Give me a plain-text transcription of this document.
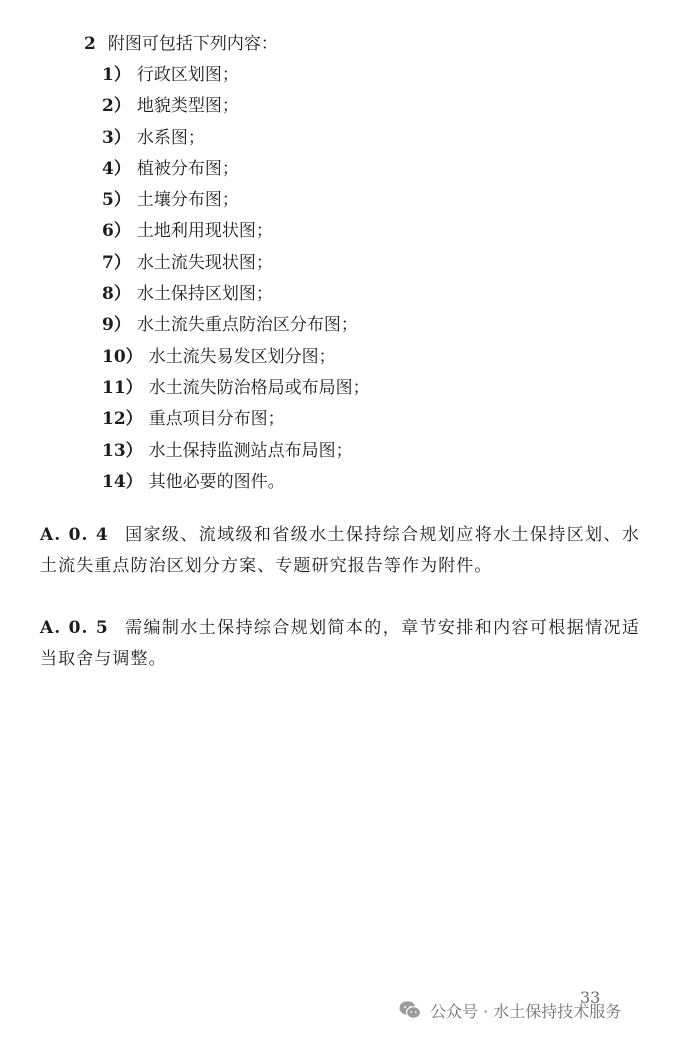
2 附图可包括下列内容：
1） 行政区划图；
2） 地貌类型图；
3） 水系图；
4） 植被分布图；
5） 土壤分布图；
6） 土地利用现状图；
7） 水土流失现状图；
8） 水土保持区划图；
9） 水土流失重点防治区分布图；
10） 水土流失易发区划分图；
11） 水土流失防治格局或布局图；
12） 重点项目分布图；
13） 水土保持监测站点布局图；
14） 其他必要的图件。

A. 0. 4 国家级、流域级和省级水土保持综合规划应将水土保持区划、水土流失重点防治区划分方案、专题研究报告等作为附件。

A. 0. 5 需编制水土保持综合规划简本的，章节安排和内容可根据情况适当取舍与调整。

33
公众号 · 水土保持技术服务
